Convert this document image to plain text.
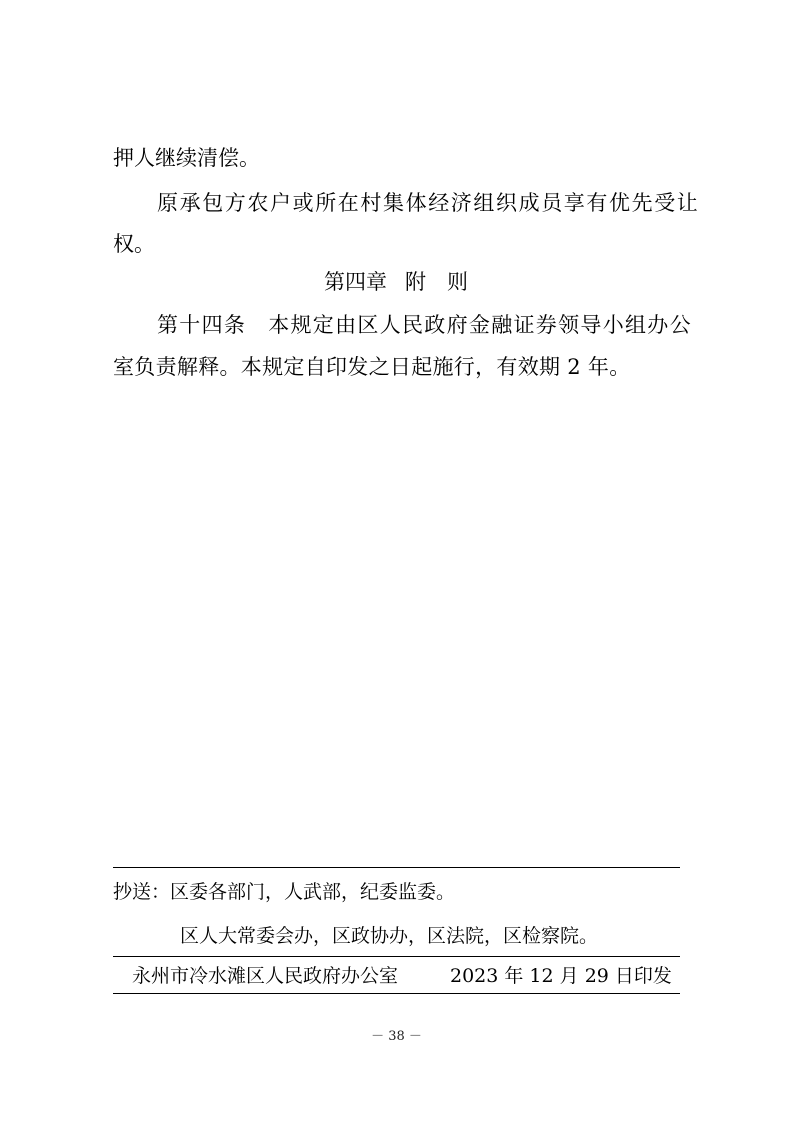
押人继续清偿。
原承包方农户或所在村集体经济组织成员享有优先受让
权。
第四章 附　则
第十四条 本规定由区人民政府金融证券领导小组办公
室负责解释。本规定自印发之日起施行，有效期 2 年。
抄送：区委各部门，人武部，纪委监委。
区人大常委会办，区政协办，区法院，区检察院。
永州市冷水滩区人民政府办公室	2023 年 12 月 29 日印发
－ 38 －
